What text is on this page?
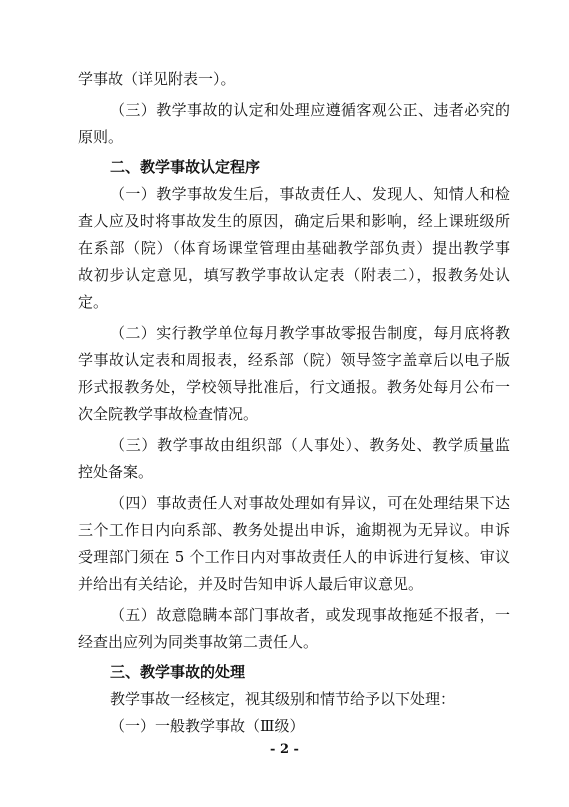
学事故（详见附表一）。
（三）教学事故的认定和处理应遵循客观公正、违者必究的
原则。
二、教学事故认定程序
（一）教学事故发生后，事故责任人、发现人、知情人和检
查人应及时将事故发生的原因，确定后果和影响，经上课班级所
在系部（院）（体育场课堂管理由基础教学部负责）提出教学事
故初步认定意见，填写教学事故认定表（附表二），报教务处认
定。
（二）实行教学单位每月教学事故零报告制度，每月底将教
学事故认定表和周报表，经系部（院）领导签字盖章后以电子版
形式报教务处，学校领导批准后，行文通报。教务处每月公布一
次全院教学事故检查情况。
（三）教学事故由组织部（人事处）、教务处、教学质量监
控处备案。
（四）事故责任人对事故处理如有异议，可在处理结果下达
三个工作日内向系部、教务处提出申诉，逾期视为无异议。申诉
受理部门须在 5 个工作日内对事故责任人的申诉进行复核、审议
并给出有关结论，并及时告知申诉人最后审议意见。
（五）故意隐瞒本部门事故者，或发现事故拖延不报者，一
经查出应列为同类事故第二责任人。
三、教学事故的处理
教学事故一经核定，视其级别和情节给予以下处理：
（一）一般教学事故（Ⅲ级）
- 2 -
